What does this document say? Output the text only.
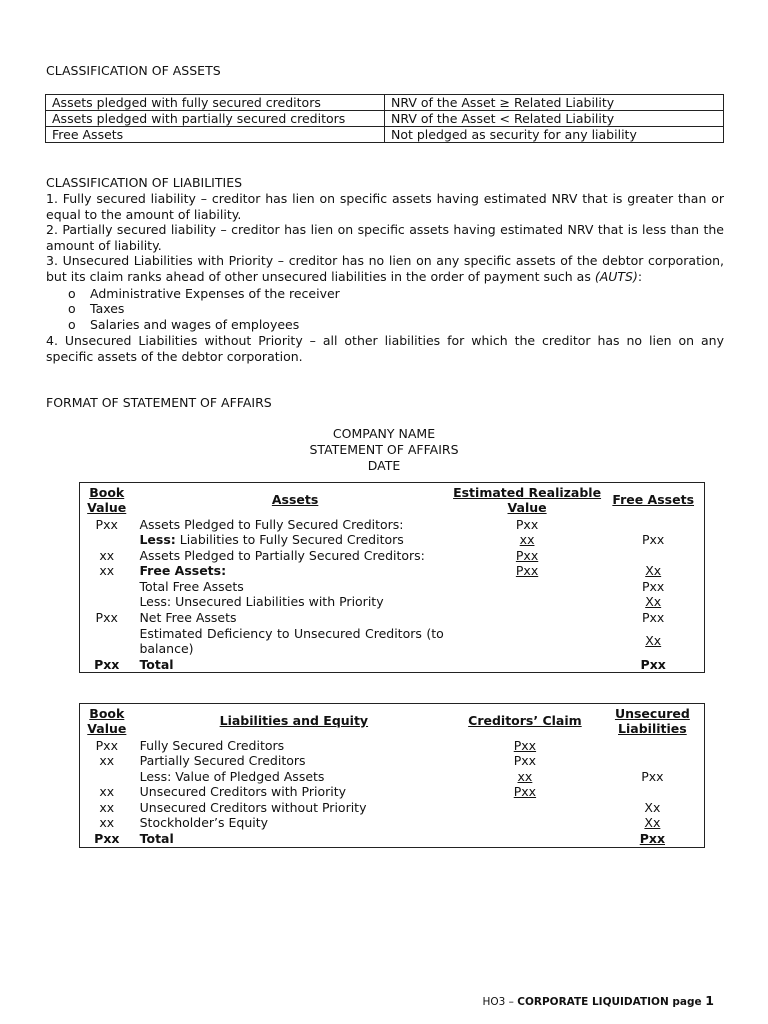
CLASSIFICATION OF ASSETS
Assets pledged with fully secured creditors	NRV of the Asset ≥ Related Liability
Assets pledged with partially secured creditors	NRV of the Asset < Related Liability
Free Assets	Not pledged as security for any liability
CLASSIFICATION OF LIABILITIES
1. Fully secured liability – creditor has lien on specific assets having estimated NRV that is greater than or equal to the amount of liability.
2. Partially secured liability – creditor has lien on specific assets having estimated NRV that is less than the amount of liability.
3. Unsecured Liabilities with Priority – creditor has no lien on any specific assets of the debtor corporation, but its claim ranks ahead of other unsecured liabilities in the order of payment such as (AUTS):
o Administrative Expenses of the receiver
o Taxes
o Salaries and wages of employees
4. Unsecured Liabilities without Priority – all other liabilities for which the creditor has no lien on any specific assets of the debtor corporation.
FORMAT OF STATEMENT OF AFFAIRS
COMPANY NAME
STATEMENT OF AFFAIRS
DATE
Book Value	Assets	Estimated Realizable Value	Free Assets
Pxx	Assets Pledged to Fully Secured Creditors:	Pxx	
	Less: Liabilities to Fully Secured Creditors	xx	Pxx
xx	Assets Pledged to Partially Secured Creditors:	Pxx	
xx	Free Assets:	Pxx	Xx
	Total Free Assets		Pxx
	Less: Unsecured Liabilities with Priority		Xx
Pxx	Net Free Assets		Pxx
	Estimated Deficiency to Unsecured Creditors (to balance)		Xx
Pxx	Total		Pxx
Book Value	Liabilities and Equity	Creditors’ Claim	Unsecured Liabilities
Pxx	Fully Secured Creditors	Pxx	
xx	Partially Secured Creditors	Pxx	
	Less: Value of Pledged Assets	xx	Pxx
xx	Unsecured Creditors with Priority	Pxx	
xx	Unsecured Creditors without Priority		Xx
xx	Stockholder’s Equity		Xx
Pxx	Total		Pxx
HO3 – CORPORATE LIQUIDATION page 1
